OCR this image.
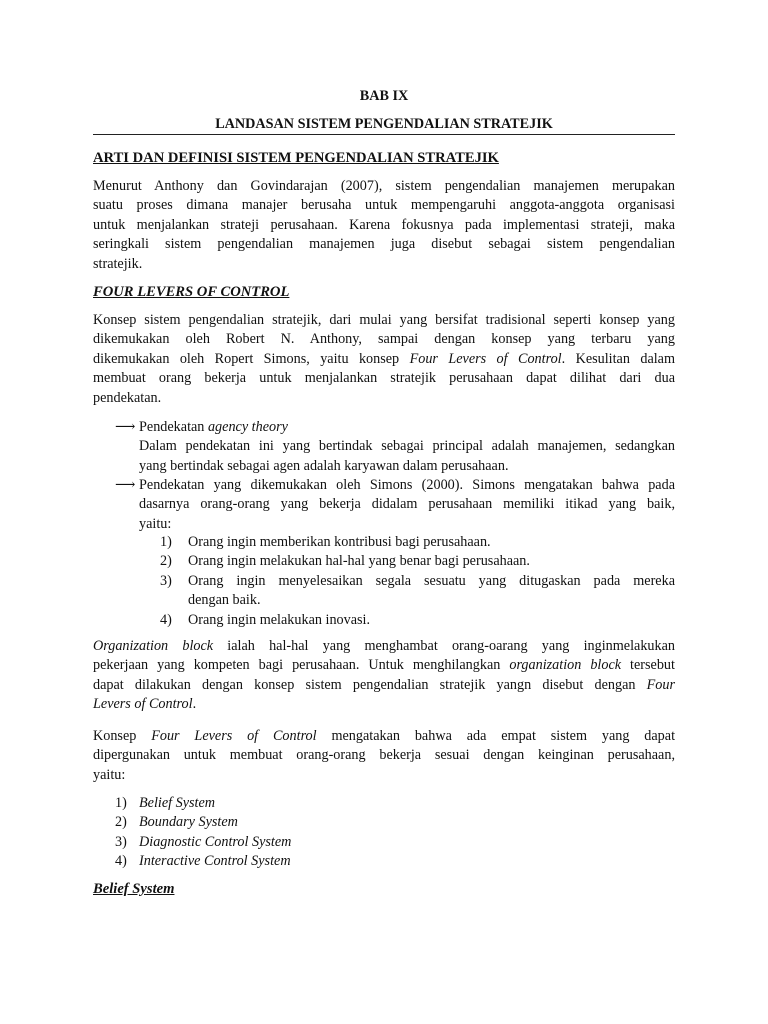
BAB IX
LANDASAN SISTEM PENGENDALIAN STRATEJIK
ARTI DAN DEFINISI SISTEM PENGENDALIAN STRATEJIK
Menurut Anthony dan Govindarajan (2007), sistem pengendalian manajemen merupakan
suatu proses dimana manajer berusaha untuk mempengaruhi anggota-anggota organisasi
untuk menjalankan strateji perusahaan. Karena fokusnya pada implementasi strateji, maka
seringkali sistem pengendalian manajemen juga disebut sebagai sistem pengendalian
stratejik.
FOUR LEVERS OF CONTROL
Konsep sistem pengendalian stratejik, dari mulai yang bersifat tradisional seperti konsep yang
dikemukakan oleh Robert N. Anthony, sampai dengan konsep yang terbaru yang
dikemukakan oleh Ropert Simons, yaitu konsep Four Levers of Control. Kesulitan dalam
membuat orang bekerja untuk menjalankan stratejik perusahaan dapat dilihat dari dua
pendekatan.
⟶ Pendekatan agency theory
Dalam pendekatan ini yang bertindak sebagai principal adalah manajemen, sedangkan
yang bertindak sebagai agen adalah karyawan dalam perusahaan.
⟶ Pendekatan yang dikemukakan oleh Simons (2000). Simons mengatakan bahwa pada
dasarnya orang-orang yang bekerja didalam perusahaan memiliki itikad yang baik,
yaitu:
1) Orang ingin memberikan kontribusi bagi perusahaan.
2) Orang ingin melakukan hal-hal yang benar bagi perusahaan.
3) Orang ingin menyelesaikan segala sesuatu yang ditugaskan pada mereka
dengan baik.
4) Orang ingin melakukan inovasi.
Organization block ialah hal-hal yang menghambat orang-oarang yang inginmelakukan
pekerjaan yang kompeten bagi perusahaan. Untuk menghilangkan organization block tersebut
dapat dilakukan dengan konsep sistem pengendalian stratejik yangn disebut dengan Four
Levers of Control.
Konsep Four Levers of Control mengatakan bahwa ada empat sistem yang dapat
dipergunakan untuk membuat orang-orang bekerja sesuai dengan keinginan perusahaan,
yaitu:
1) Belief System
2) Boundary System
3) Diagnostic Control System
4) Interactive Control System
Belief System
